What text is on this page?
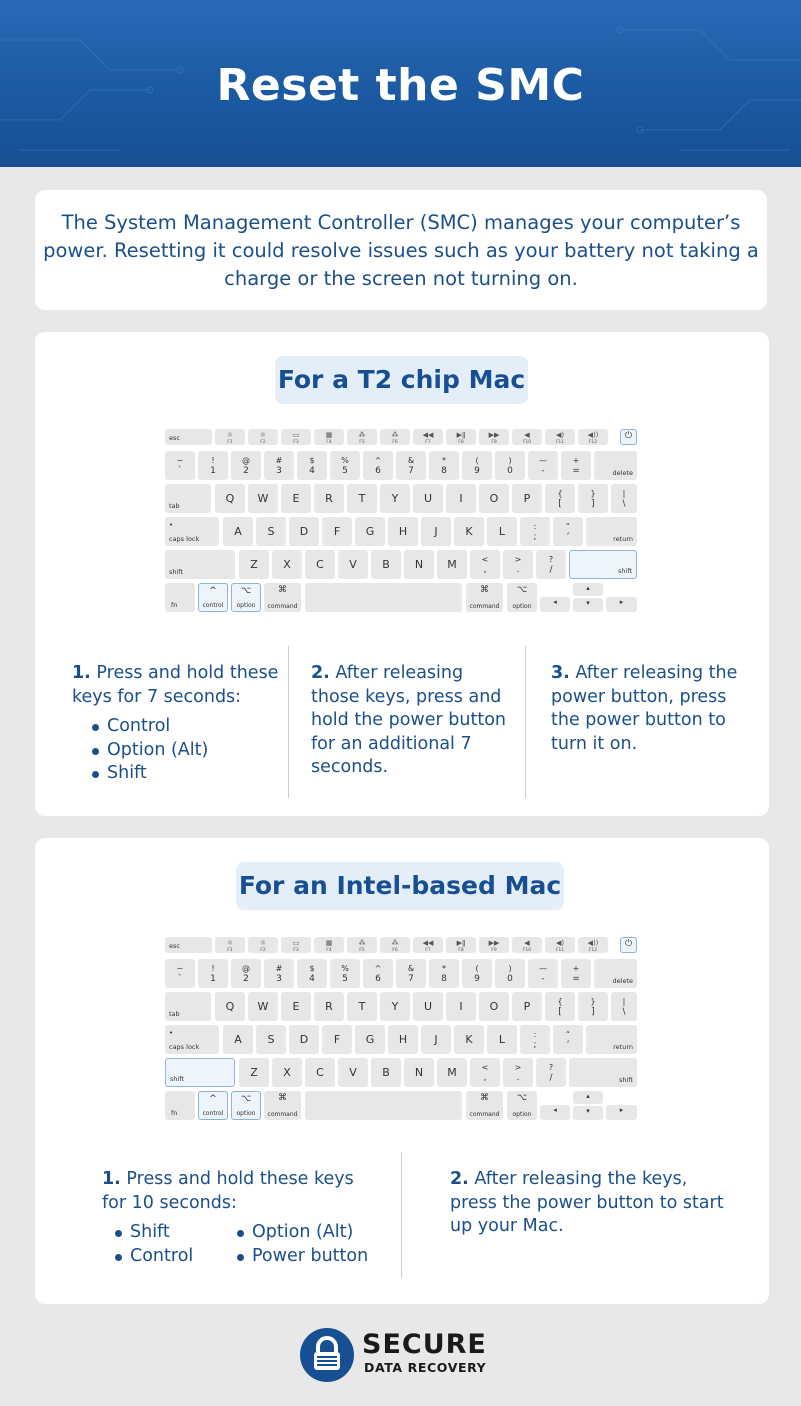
Reset the SMC

The System Management Controller (SMC) manages your computer’s power. Resetting it could resolve issues such as your battery not taking a charge or the screen not turning on.

For a T2 chip Mac
esc	☼
F1
☼
F2
▭
F3
▦
F4
⁂
F5
⁂
F6
◀◀
F7
▶ǁ
F8
▶▶
F9
◀
F10
◀)
F11
◀))
F12
⏻
~
`
!
1
@
2
#
3
$
4
%
5
^
6
&
7
*
8
(
9
)
0
—
-
+
=	delete
tab
Q	W	E	R	T	Y	U	I	O	P	{
[
}
]
|
\
•
caps lock
A	S	D	F	G	H	J	K	L	:
;
“
’	return
shift
Z	X	C	V	B	N	M	<
,
>
.
?
/	shift
fn
^
control
⌥
option
⌘
command
⌘
command
⌥
option
◂
▴
▾	▸
1. Press and hold these keys for 7 seconds:
Control
Option (Alt)
Shift
2. After releasing those keys, press and hold the power button for an additional 7 seconds.
3. After releasing the power button, press the power button to turn it on.
For an Intel-based Mac
esc	☼
F1
☼
F2
▭
F3
▦
F4
⁂
F5
⁂
F6
◀◀
F7
▶ǁ
F8
▶▶
F9
◀
F10
◀)
F11
◀))
F12
⏻
~
`
!
1
@
2
#
3
$
4
%
5
^
6
&
7
*
8
(
9
)
0
—
-
+
=	delete
tab
Q	W	E	R	T	Y	U	I	O	P	{
[
}
]
|
\
•
caps lock
A	S	D	F	G	H	J	K	L	:
;
“
’	return
shift	Z	X	C	V	B	N	M	<
,
>
.
?
/	shift
fn
^
control
⌥
option
⌘
command
⌘
command
⌥
option
◂
▴
▾	▸
1. Press and hold these keys for 10 seconds:
Shift
Control
Option (Alt)
Power button
2. After releasing the keys, press the power button to start up your Mac.
SECURE
DATA RECOVERY
